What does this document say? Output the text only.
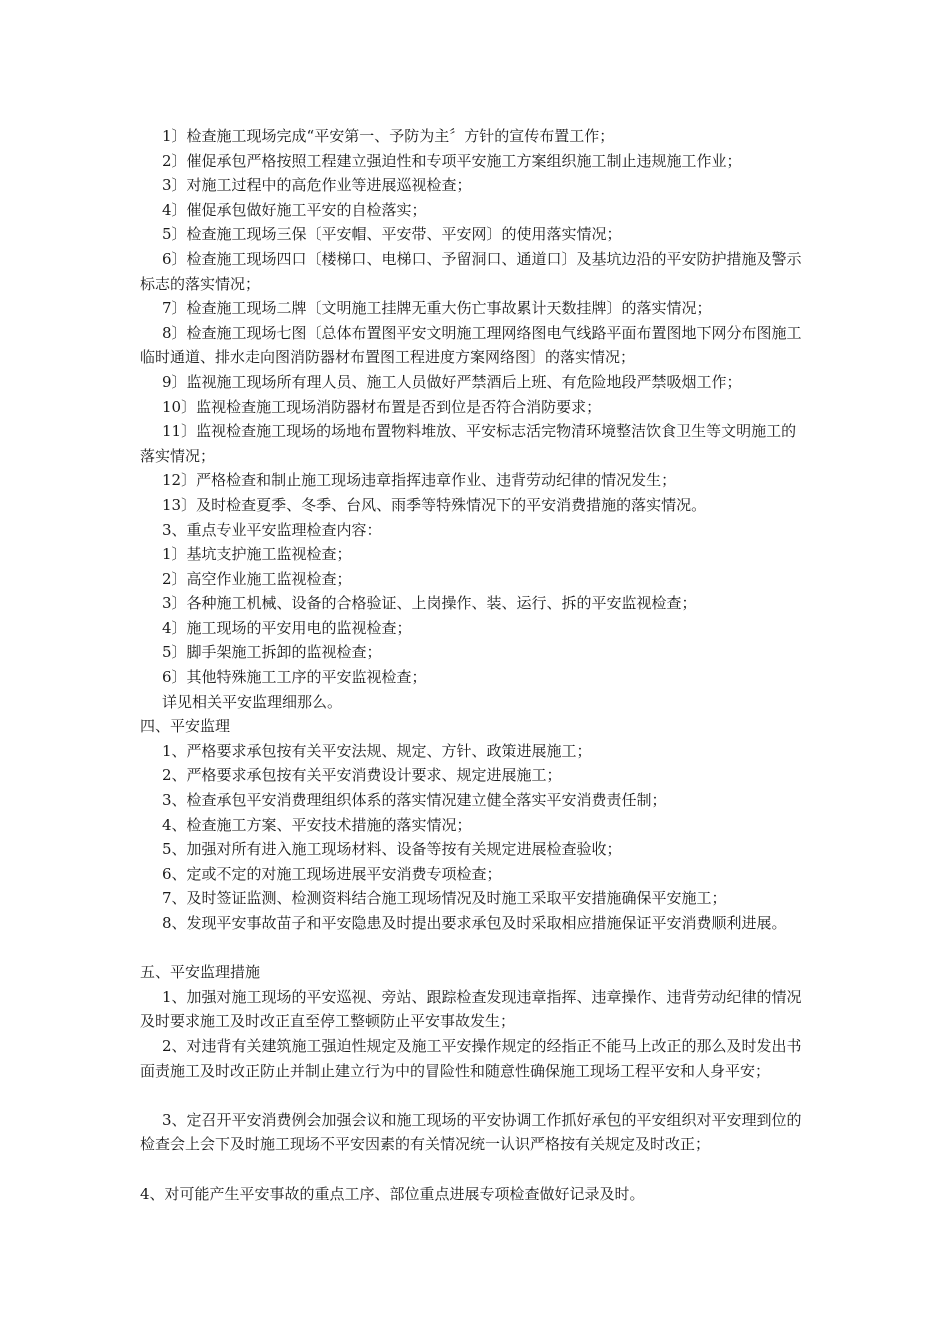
1〕检查施工现场完成“平安第一、予防为主〞方针的宣传布置工作；

2〕催促承包严格按照工程建立强迫性和专项平安施工方案组织施工制止违规施工作业；

3〕对施工过程中的高危作业等进展巡视检查；

4〕催促承包做好施工平安的自检落实；

5〕检查施工现场三保〔平安帽、平安带、平安网〕的使用落实情况；

6〕检查施工现场四口〔楼梯口、电梯口、予留洞口、通道口〕及基坑边沿的平安防护措施及警示标志的落实情况；

7〕检查施工现场二牌〔文明施工挂牌无重大伤亡事故累计天数挂牌〕的落实情况；

8〕检查施工现场七图〔总体布置图平安文明施工理网络图电气线路平面布置图地下网分布图施工临时通道、排水走向图消防器材布置图工程进度方案网络图〕的落实情况；

9〕监视施工现场所有理人员、施工人员做好严禁酒后上班、有危险地段严禁吸烟工作；

10〕监视检查施工现场消防器材布置是否到位是否符合消防要求；

11〕监视检查施工现场的场地布置物料堆放、平安标志活完物清环境整洁饮食卫生等文明施工的落实情况；

12〕严格检查和制止施工现场违章指挥违章作业、违背劳动纪律的情况发生；

13〕及时检查夏季、冬季、台风、雨季等特殊情况下的平安消费措施的落实情况。

3、重点专业平安监理检查内容：

1〕基坑支护施工监视检查；

2〕高空作业施工监视检查；

3〕各种施工机械、设备的合格验证、上岗操作、装、运行、拆的平安监视检查；

4〕施工现场的平安用电的监视检查；

5〕脚手架施工拆卸的监视检查；

6〕其他特殊施工工序的平安监视检查；

详见相关平安监理细那么。

四、平安监理

1、严格要求承包按有关平安法规、规定、方针、政策进展施工；

2、严格要求承包按有关平安消费设计要求、规定进展施工；

3、检查承包平安消费理组织体系的落实情况建立健全落实平安消费责任制；

4、检查施工方案、平安技术措施的落实情况；

5、加强对所有进入施工现场材料、设备等按有关规定进展检查验收；

6、定或不定的对施工现场进展平安消费专项检查；

7、及时签证监测、检测资料结合施工现场情况及时施工采取平安措施确保平安施工；

8、发现平安事故苗子和平安隐患及时提出要求承包及时采取相应措施保证平安消费顺利进展。

五、平安监理措施

1、加强对施工现场的平安巡视、旁站、跟踪检查发现违章指挥、违章操作、违背劳动纪律的情况及时要求施工及时改正直至停工整顿防止平安事故发生；

2、对违背有关建筑施工强迫性规定及施工平安操作规定的经指正不能马上改正的那么及时发出书面责施工及时改正防止并制止建立行为中的冒险性和随意性确保施工现场工程平安和人身平安；

3、定召开平安消费例会加强会议和施工现场的平安协调工作抓好承包的平安组织对平安理到位的检查会上会下及时施工现场不平安因素的有关情况统一认识严格按有关规定及时改正；

4、对可能产生平安事故的重点工序、部位重点进展专项检查做好记录及时。
